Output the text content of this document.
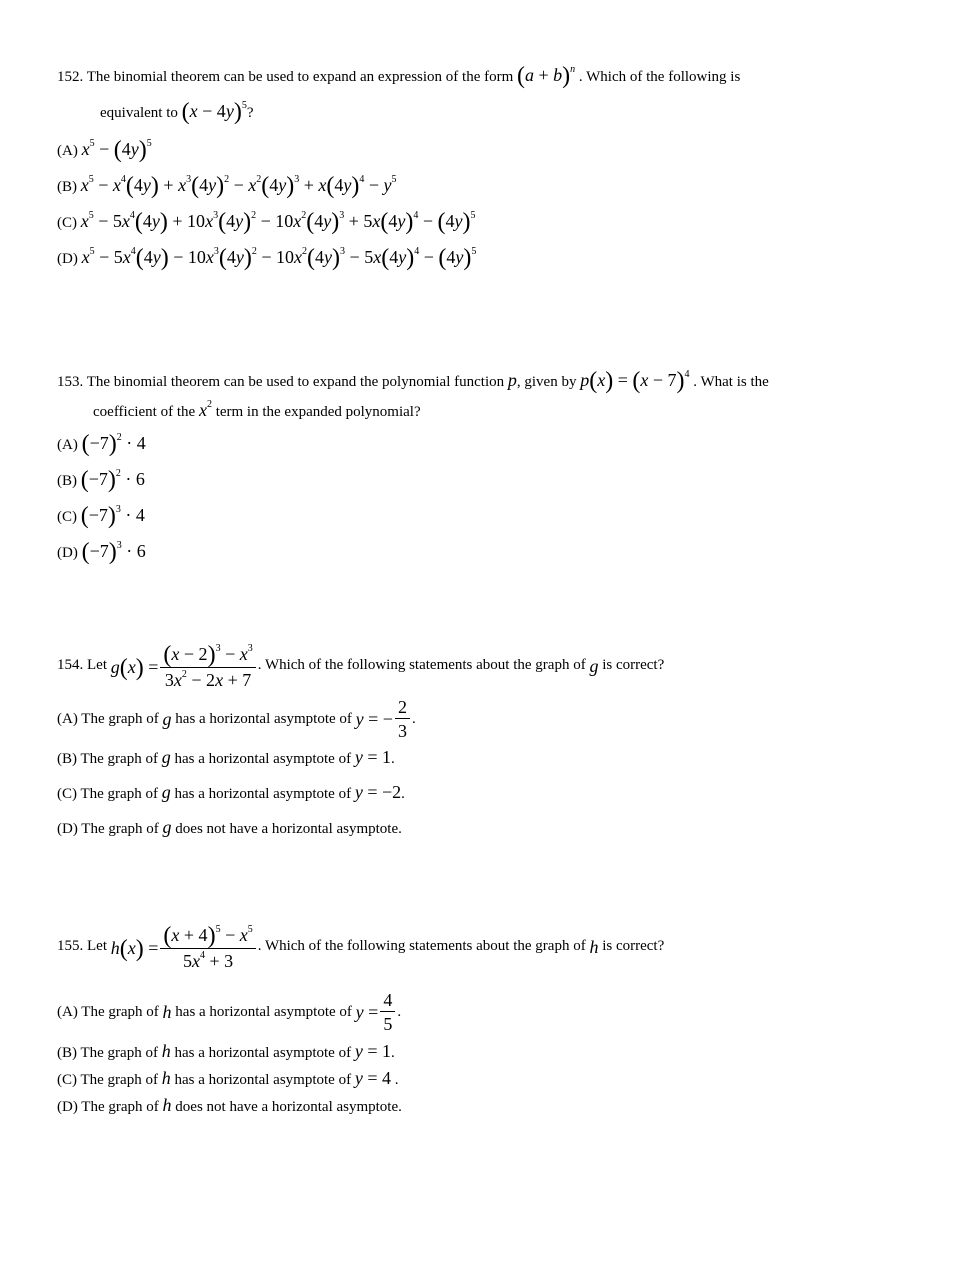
152. The binomial theorem can be used to expand an expression of the form $(a + b)^n$ . Which of the following is
equivalent to $(x - 4y)^5$?
(A) $x^5 - (4y)^5$
(B) $x^5 - x^4(4y) + x^3(4y)^2 - x^2(4y)^3 + x(4y)^4 - y^5$
(C) $x^5 - 5x^4(4y) + 10x^3(4y)^2 - 10x^2(4y)^3 + 5x(4y)^4 - (4y)^5$
(D) $x^5 - 5x^4(4y) - 10x^3(4y)^2 - 10x^2(4y)^3 - 5x(4y)^4 - (4y)^5$
153. The binomial theorem can be used to expand the polynomial function p, given by $p(x) = (x - 7)^4$ . What is the
coefficient of the $x^2$ term in the expanded polynomial?
(A) $(-7)^2 \cdot 4$
(B) $(-7)^2 \cdot 6$
(C) $(-7)^3 \cdot 4$
(D) $(-7)^3 \cdot 6$
154. Let $g(x) = \frac{(x - 2)^3 - x^3}{3x^2 - 2x + 7}$ . Which of the following statements about the graph of g is correct?
(A) The graph of g has a horizontal asymptote of y = − $\frac{2}{3}$ .
(B) The graph of g has a horizontal asymptote of y = 1.
(C) The graph of g has a horizontal asymptote of y = −2.
(D) The graph of g does not have a horizontal asymptote.
155. Let $h(x) = \frac{(x + 4)^5 - x^5}{5x^4 + 3}$ . Which of the following statements about the graph of h is correct?
(A) The graph of h has a horizontal asymptote of $y = \frac{4}{5}$ .
(B) The graph of h has a horizontal asymptote of y = 1.
(C) The graph of h has a horizontal asymptote of y = 4 .
(D) The graph of h does not have a horizontal asymptote.
